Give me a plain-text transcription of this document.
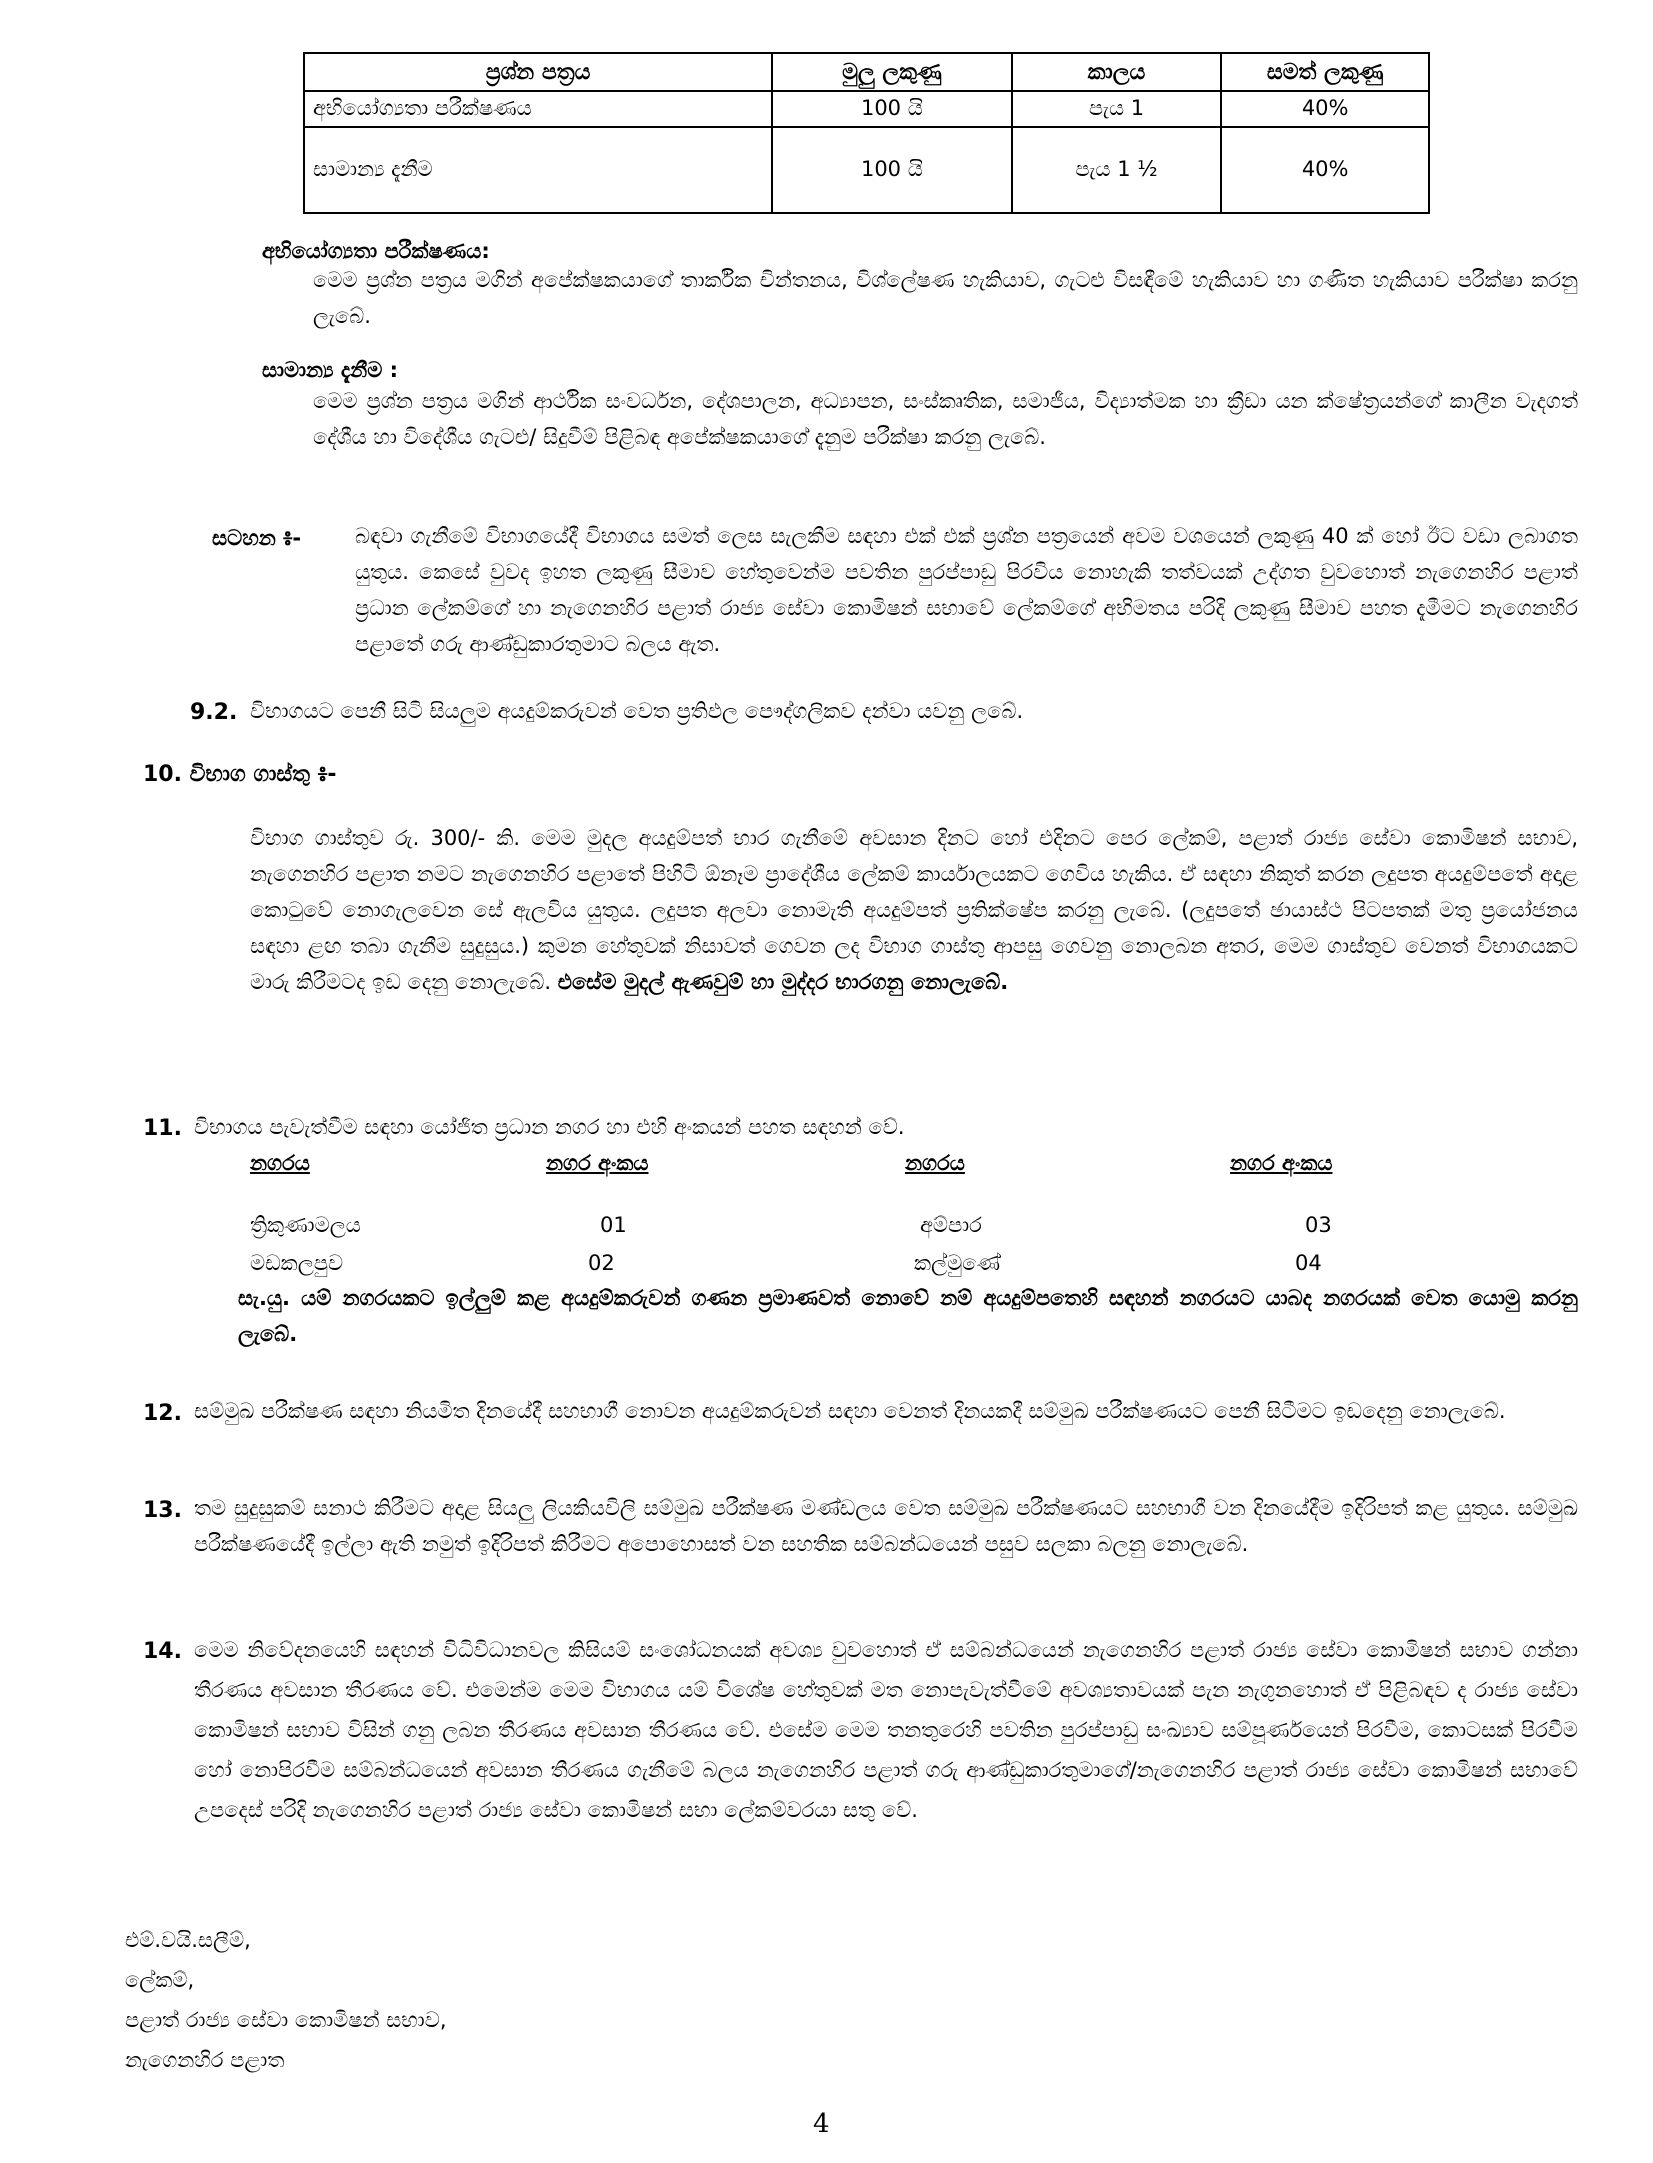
ප්‍රශ්න පත්‍රය	මුලු ලකුණු	කාලය	සමත් ලකුණු
අභියෝග්‍යතා පරීක්ෂණය	100 යි	පැය 1	40%
සාමාන්‍ය දැනීම	100 යි	පැය 1 ½	40%
අභියෝග්‍යතා පරීක්ෂණය:
මෙම ප්‍රශ්න පත්‍රය මගින් අපේක්ෂකයාගේ තාර්කික චින්තනය, විශ්ලේෂණ හැකියාව, ගැටළු විසඳීමේ හැකියාව හා ගණිත හැකියාව පරීක්ෂා කරනු ලැබේ.
සාමාන්‍ය දැනීම :
මෙම ප්‍රශ්න පත්‍රය මගින් ආර්ථික සංවර්ධන, දේශපාලන, අධ්‍යාපන, සංස්කෘතික, සමාජීය, විද්‍යාත්මක හා ක්‍රීඩා යන ක්ෂේත්‍රයන්ගේ කාලීන වැදගත් දේශීය හා විදේශීය ගැටළු/ සිදුවීම් පිළිබඳ අපේක්ෂකයාගේ දැනුම පරීක්ෂා කරනු ලැබේ.
සටහන ៖-	බඳවා ගැනීමේ විභාගයේදී විභාගය සමත් ලෙස සැලකීම සඳහා එක් එක් ප්‍රශ්න පත්‍රයෙන් අවම වශයෙන් ලකුණු 40 ක් හෝ ඊට වඩා ලබාගත යුතුය. කෙසේ වුවද ඉහත ලකුණු සීමාව හේතුවෙන්ම පවතින පුරප්පාඩු පිරවිය නොහැකි තත්වයක් උද්ගත වුවහොත් නැගෙනහිර පළාත් ප්‍රධාන ලේකම්ගේ හා නැගෙනහිර පළාත් රාජ්‍ය සේවා කොමිෂන් සභාවේ ලේකම්ගේ අභිමතය පරිදි ලකුණු සීමාව පහත දැමීමට නැගෙනහිර පළාතේ ගරු ආණ්ඩුකාරතුමාට බලය ඇත.
9.2. විභාගයට පෙනී සිටි සියලුම අයදුම්කරුවන් වෙත ප්‍රතිඵල පෞද්ගලිකව දන්වා යවනු ලබේ.
10. විභාග ගාස්තු ៖-
විභාග ගාස්තුව රු. 300/- කි. මෙම මුදල අයදුම්පත් භාර ගැනීමේ අවසාන දිනට හෝ එදිනට පෙර ලේකම්, පළාත් රාජ්‍ය සේවා කොමිෂන් සභාව, නැගෙනහිර පළාත නමට නැගෙනහිර පළාතේ පිහිටි ඕනෑම ප්‍රාදේශීය ලේකම් කාර්යාලයකට ගෙවිය හැකිය. ඒ සඳහා නිකුත් කරන ලදුපත අයදුම්පතේ අදාළ කොටුවේ නොගැලවෙන සේ ඇලවිය යුතුය. ලදුපත අලවා නොමැති අයදුම්පත් ප්‍රතික්ෂේප කරනු ලැබේ. (ලදුපතේ ඡායාස්ථ පිටපතක් මතු ප්‍රයෝජනය සඳහා ළඟ තබා ගැනීම සුදුසුය.) කුමන හේතුවක් නිසාවත් ගෙවන ලද විභාග ගාස්තු ආපසු ගෙවනු නොලබන අතර, මෙම ගාස්තුව වෙනත් විභාගයකට මාරු කිරීමටද ඉඩ දෙනු නොලැබේ. එසේම මුදල් ඇණවුම් හා මුද්දර භාරගනු නොලැබේ.
11. විභාගය පැවැත්වීම සඳහා යෝජිත ප්‍රධාන නගර හා එහි අංකයන් පහත සඳහන් වේ.
නගරය	නගර අංකය	නගරය	නගර අංකය
ත්‍රිකුණාමලය	01	අම්පාර	03
මඩකලපුව	02	කල්මුණේ	04
සැ.යු. යම් නගරයකට ඉල්ලුම් කළ අයදුම්කරුවන් ගණන ප්‍රමාණවත් නොවේ නම් අයදුම්පතෙහි සඳහන් නගරයට යාබද නගරයක් වෙත යොමු කරනු ලැබේ.
12. සම්මුඛ පරීක්ෂණ සඳහා නියමිත දිනයේදී සහභාගී නොවන අයදුම්කරුවන් සඳහා වෙනත් දිනයකදී සම්මුඛ පරීක්ෂණයට පෙනී සිටීමට ඉඩදෙනු නොලැබේ.
13. තම සුදුසුකම් සනාථ කිරීමට අදාළ සියලු ලියකියවිලි සම්මුඛ පරීක්ෂණ මණ්ඩලය වෙත සම්මුඛ පරීක්ෂණයට සහභාගී වන දිනයේදීම ඉදිරිපත් කළ යුතුය. සම්මුඛ පරීක්ෂණයේදී ඉල්ලා ඇති නමුත් ඉදිරිපත් කිරීමට අපොහොසත් වන සහතික සම්බන්ධයෙන් පසුව සලකා බලනු නොලැබේ.
14. මෙම නිවේදනයෙහි සඳහන් විධිවිධානවල කිසියම් සංශෝධනයක් අවශ්‍ය වුවහොත් ඒ සම්බන්ධයෙන් නැගෙනහිර පළාත් රාජ්‍ය සේවා කොමිෂන් සභාව ගන්නා තීරණය අවසාන තීරණය වේ. එමෙන්ම මෙම විභාගය යම් විශේෂ හේතුවක් මත නොපැවැත්වීමේ අවශ්‍යතාවයක් පැන නැගුනහොත් ඒ පිළිබඳව ද රාජ්‍ය සේවා කොමිෂන් සභාව විසින් ගනු ලබන තීරණය අවසාන තීරණය වේ. එසේම මෙම තනතුරෙහි පවතින පුරප්පාඩු සංඛ්‍යාව සම්පූර්ණයෙන් පිරවීම, කොටසක් පිරවීම හෝ නොපිරවීම සම්බන්ධයෙන් අවසාන තීරණය ගැනීමේ බලය නැගෙනහිර පළාත් ගරු ආණ්ඩුකාරතුමාගේ/නැගෙනහිර පළාත් රාජ්‍ය සේවා කොමිෂන් සභාවේ උපදෙස් පරිදි නැගෙනහිර පළාත් රාජ්‍ය සේවා කොමිෂන් සභා ලේකම්වරයා සතු වේ.
එම්.වයි.සලීම්,
ලේකම්,
පළාත් රාජ්‍ය සේවා කොමිෂන් සභාව,
නැගෙනහිර පළාත
4
